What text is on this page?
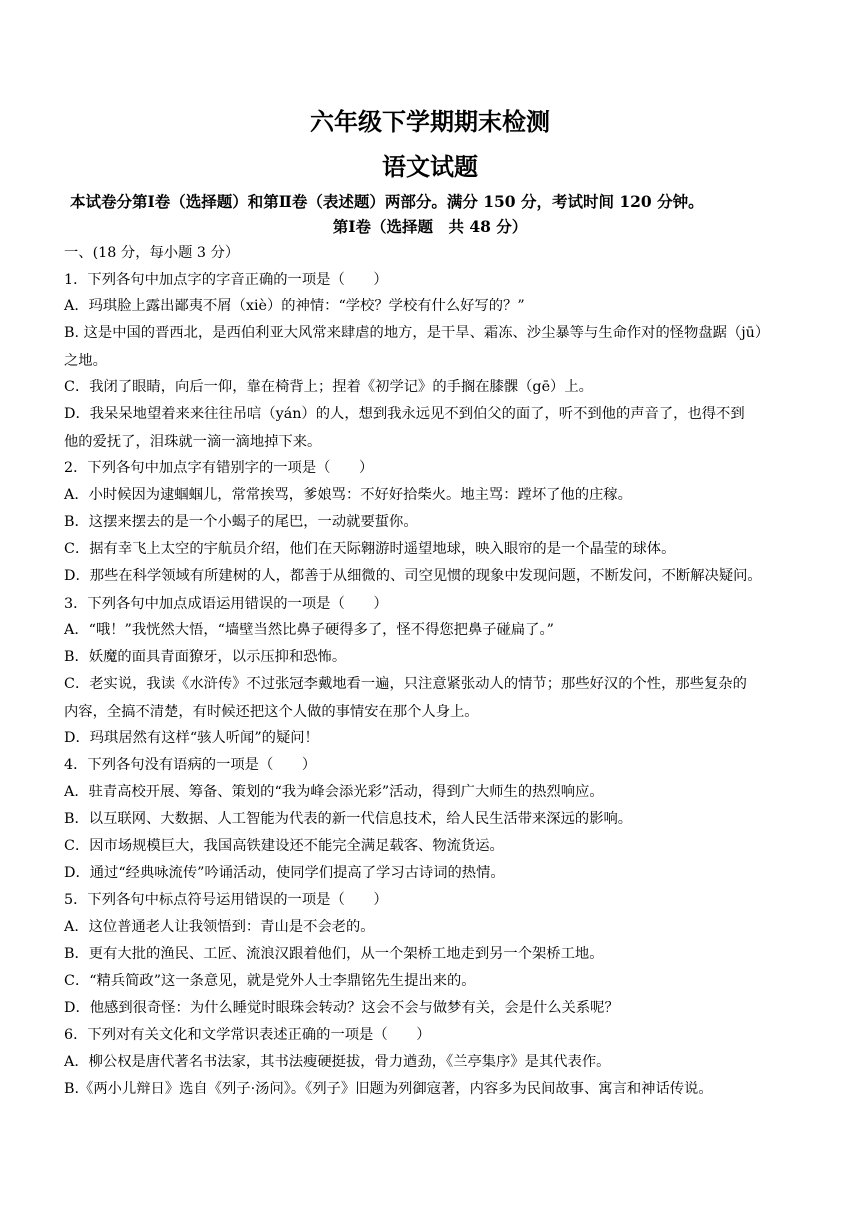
六年级下学期期末检测
语文试题
本试卷分第Ⅰ卷（选择题）和第Ⅱ卷（表述题）两部分。满分 150 分，考试时间 120 分钟。
第Ⅰ卷（选择题　共 48 分）
一、(18 分，每小题 3 分）
1．下列各句中加点字的字音正确的一项是（　　）
A．玛琪脸上露出鄙夷不屑（xiè）的神情：“学校？学校有什么好写的？”
B. 这是中国的晋西北，是西伯利亚大风常来肆虐的地方，是干旱、霜冻、沙尘暴等与生命作对的怪物盘踞（jū）
之地。
C．我闭了眼睛，向后一仰，靠在椅背上；捏着《初学记》的手搁在膝髁（gē）上。
D．我呆呆地望着来来往往吊唁（yán）的人，想到我永远见不到伯父的面了，听不到他的声音了，也得不到
他的爱抚了，泪珠就一滴一滴地掉下来。
2．下列各句中加点字有错别字的一项是（　　）
A．小时候因为逮蝈蝈儿，常常挨骂，爹娘骂：不好好拾柴火。地主骂：蹚坏了他的庄稼。
B．这摆来摆去的是一个小蝎子的尾巴，一动就要蜇你。
C．据有幸飞上太空的宇航员介绍，他们在天际翱游时遥望地球，映入眼帘的是一个晶莹的球体。
D．那些在科学领域有所建树的人，都善于从细微的、司空见惯的现象中发现问题，不断发问，不断解决疑问。
3．下列各句中加点成语运用错误的一项是（　　）
A．“哦！”我恍然大悟，“墙壁当然比鼻子硬得多了，怪不得您把鼻子碰扁了。”
B．妖魔的面具青面獠牙，以示压抑和恐怖。
C．老实说，我读《水浒传》不过张冠李戴地看一遍，只注意紧张动人的情节；那些好汉的个性，那些复杂的
内容，全搞不清楚，有时候还把这个人做的事情安在那个人身上。
D．玛琪居然有这样“骇人听闻”的疑问！
4．下列各句没有语病的一项是（　　）
A．驻青高校开展、筹备、策划的“我为峰会添光彩”活动，得到广大师生的热烈响应。
B．以互联网、大数据、人工智能为代表的新一代信息技术，给人民生活带来深远的影响。
C．因市场规模巨大，我国高铁建设还不能完全满足载客、物流货运。
D．通过“经典咏流传”吟诵活动，使同学们提高了学习古诗词的热情。
5．下列各句中标点符号运用错误的一项是（　　）
A．这位普通老人让我领悟到：青山是不会老的。
B．更有大批的渔民、工匠、流浪汉跟着他们，从一个架桥工地走到另一个架桥工地。
C．“精兵简政”这一条意见，就是党外人士李鼎铭先生提出来的。
D．他感到很奇怪：为什么睡觉时眼珠会转动？这会不会与做梦有关，会是什么关系呢？
6．下列对有关文化和文学常识表述正确的一项是（　　）
A．柳公权是唐代著名书法家，其书法瘦硬挺拔，骨力遒劲，《兰亭集序》是其代表作。
B.《两小儿辩日》选自《列子·汤问》。《列子》旧题为列御寇著，内容多为民间故事、寓言和神话传说。
